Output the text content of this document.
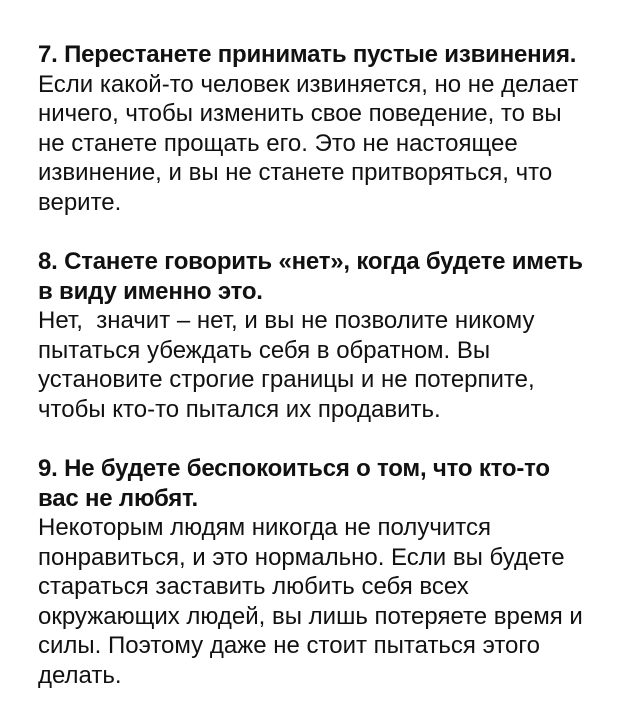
7. Перестанете принимать пустые извинения.
Если какой-то человек извиняется, но не делает
ничего, чтобы изменить свое поведение, то вы
не станете прощать его. Это не настоящее
извинение, и вы не станете притворяться, что
верите.
8. Станете говорить «нет», когда будете иметь
в виду именно это.
Нет,  значит – нет, и вы не позволите никому
пытаться убеждать себя в обратном. Вы
установите строгие границы и не потерпите,
чтобы кто-то пытался их продавить.
9. Не будете беспокоиться о том, что кто-то
вас не любят.
Некоторым людям никогда не получится
понравиться, и это нормально. Если вы будете
стараться заставить любить себя всех
окружающих людей, вы лишь потеряете время и
силы. Поэтому даже не стоит пытаться этого
делать.
